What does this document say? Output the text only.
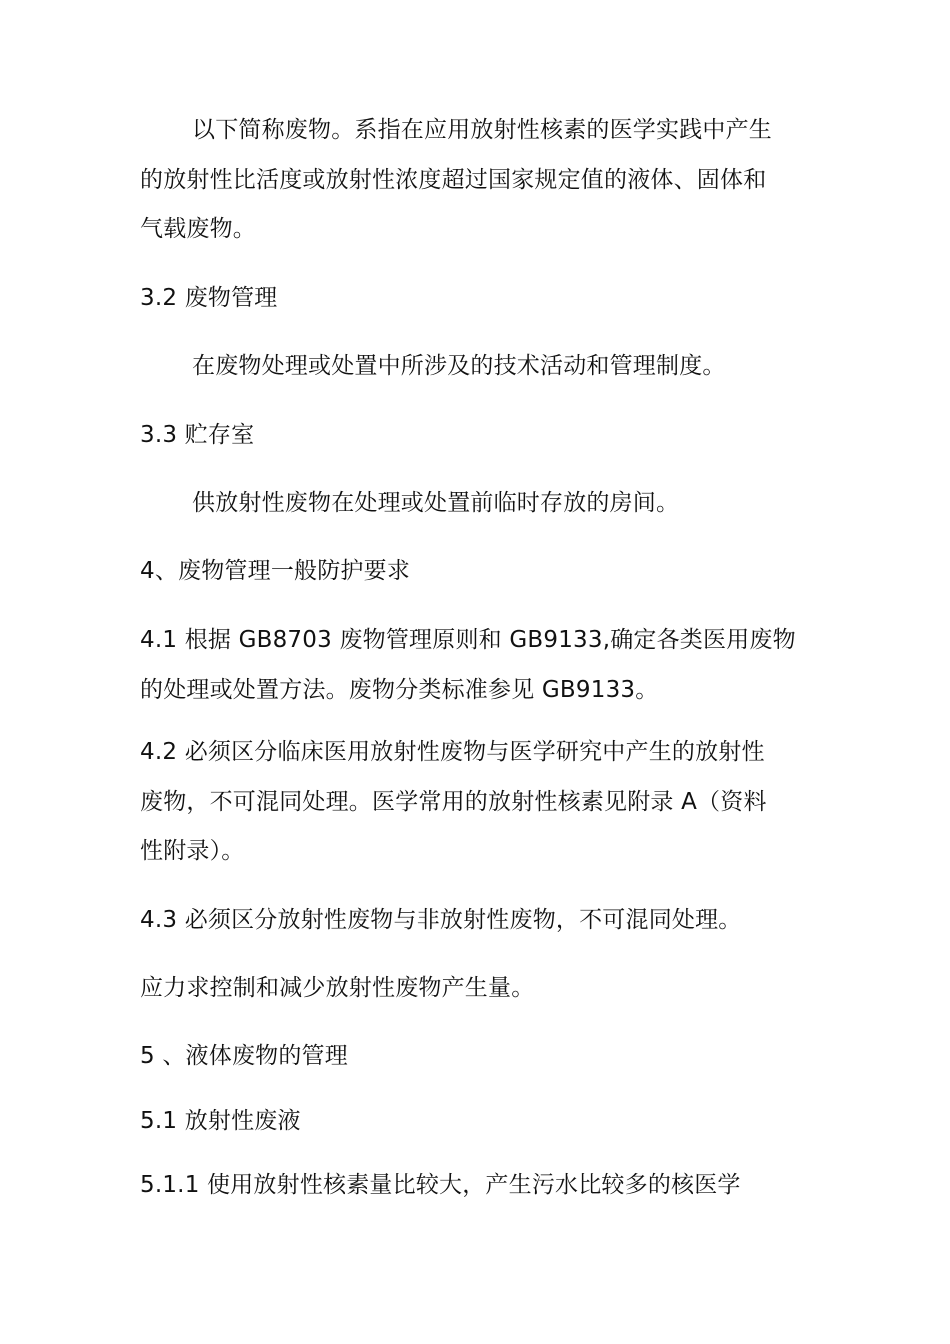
以下简称废物。系指在应用放射性核素的医学实践中产生
的放射性比活度或放射性浓度超过国家规定值的液体、固体和
气载废物。
3.2 废物管理
在废物处理或处置中所涉及的技术活动和管理制度。
3.3 贮存室
供放射性废物在处理或处置前临时存放的房间。
4、废物管理一般防护要求
4.1 根据 GB8703 废物管理原则和 GB9133,确定各类医用废物
的处理或处置方法。废物分类标准参见 GB9133。
4.2 必须区分临床医用放射性废物与医学研究中产生的放射性
废物，不可混同处理。医学常用的放射性核素见附录 A（资料
性附录）。
4.3 必须区分放射性废物与非放射性废物，不可混同处理。
应力求控制和减少放射性废物产生量。
5 、液体废物的管理
5.1 放射性废液
5.1.1 使用放射性核素量比较大，产生污水比较多的核医学
